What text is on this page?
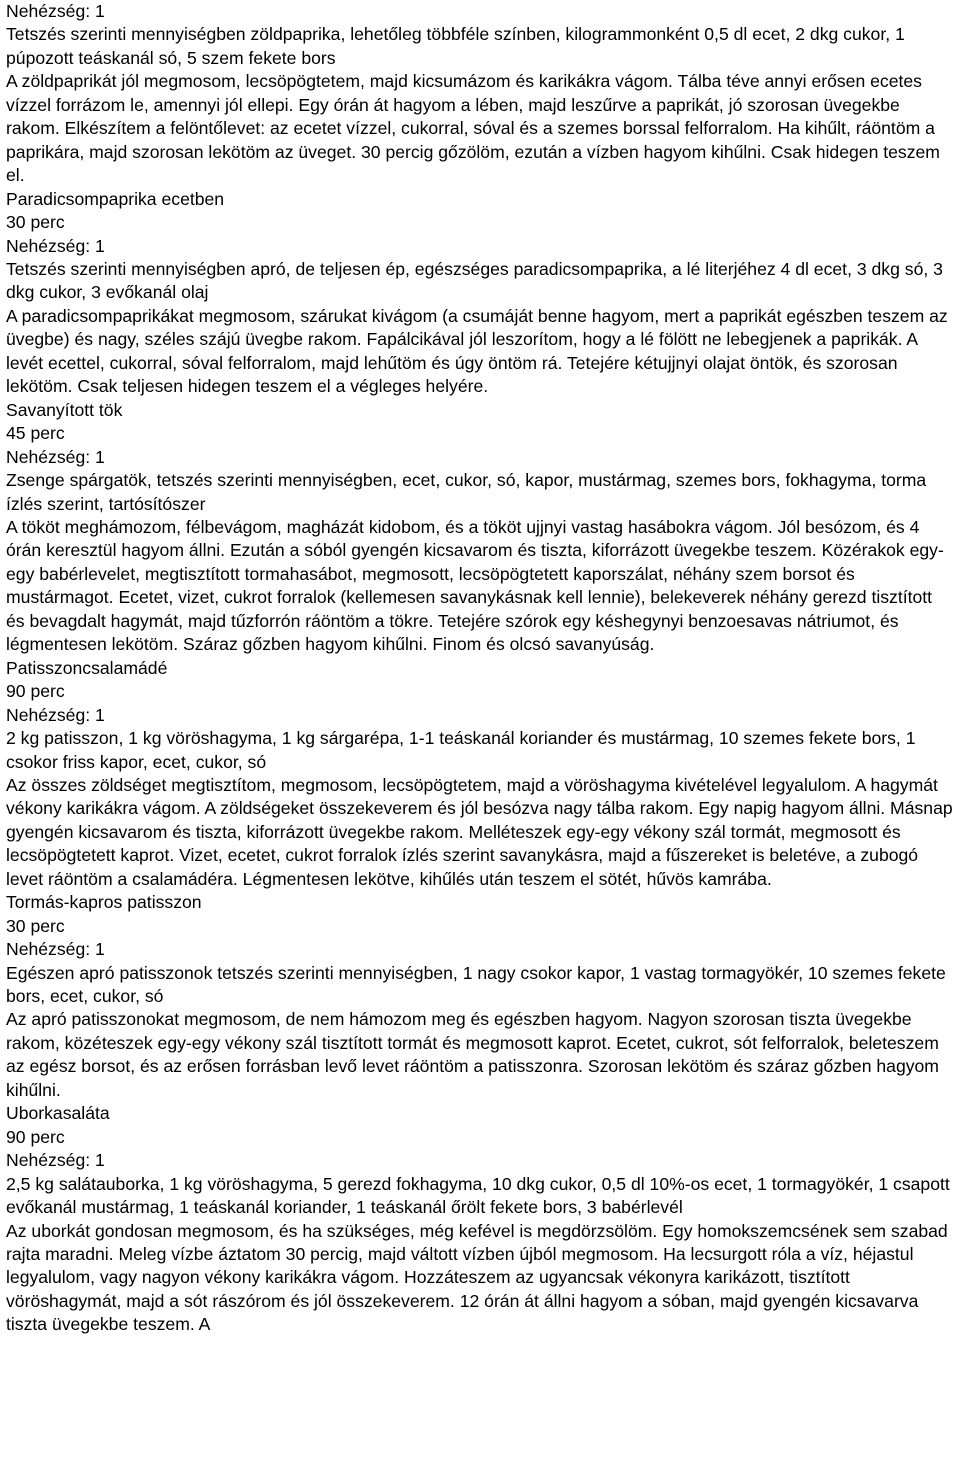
Nehézség: 1
Tetszés szerinti mennyiségben zöldpaprika, lehetőleg többféle színben, kilogrammonként 0,5 dl ecet, 2 dkg cukor, 1 púpozott teáskanál só, 5 szem fekete bors
A zöldpaprikát jól megmosom, lecsöpögtetem, majd kicsumázom és karikákra vágom. Tálba téve annyi erősen ecetes vízzel forrázom le, amennyi jól ellepi. Egy órán át hagyom a lében, majd leszűrve a paprikát, jó szorosan üvegekbe rakom. Elkészítem a felöntőlevet: az ecetet vízzel, cukorral, sóval és a szemes borssal felforralom. Ha kihűlt, ráöntöm a paprikára, majd szorosan lekötöm az üveget. 30 percig gőzölöm, ezután a vízben hagyom kihűlni. Csak hidegen teszem el.
Paradicsompaprika ecetben
30 perc
Nehézség: 1
Tetszés szerinti mennyiségben apró, de teljesen ép, egészséges paradicsompaprika, a lé literjéhez 4 dl ecet, 3 dkg só, 3 dkg cukor, 3 evőkanál olaj
A paradicsompaprikákat megmosom, szárukat kivágom (a csumáját benne hagyom, mert a paprikát egészben teszem az üvegbe) és nagy, széles szájú üvegbe rakom. Fapálcikával jól leszorítom, hogy a lé fölött ne lebegjenek a paprikák. A levét ecettel, cukorral, sóval felforralom, majd lehűtöm és úgy öntöm rá. Tetejére kétujjnyi olajat öntök, és szorosan lekötöm. Csak teljesen hidegen teszem el a végleges helyére.
Savanyított tök
45 perc
Nehézség: 1
Zsenge spárgatök, tetszés szerinti mennyiségben, ecet, cukor, só, kapor, mustármag, szemes bors, fokhagyma, torma ízlés szerint, tartósítószer
A tököt meghámozom, félbevágom, magházát kidobom, és a tököt ujjnyi vastag hasábokra vágom. Jól besózom, és 4 órán keresztül hagyom állni. Ezután a sóból gyengén kicsavarom és tiszta, kiforrázott üvegekbe teszem. Közérakok egy-egy babérlevelet, megtisztított tormahasábot, megmosott, lecsöpögtetett kaporszálat, néhány szem borsot és mustármagot. Ecetet, vizet, cukrot forralok (kellemesen savanykásnak kell lennie), belekeverek néhány gerezd tisztított és bevagdalt hagymát, majd tűzforrón ráöntöm a tökre. Tetejére szórok egy késhegynyi benzoesavas nátriumot, és légmentesen lekötöm. Száraz gőzben hagyom kihűlni. Finom és olcsó savanyúság.
Patisszoncsalamádé
90 perc
Nehézség: 1
2 kg patisszon, 1 kg vöröshagyma, 1 kg sárgarépa, 1-1 teáskanál koriander és mustármag, 10 szemes fekete bors, 1 csokor friss kapor, ecet, cukor, só
Az összes zöldséget megtisztítom, megmosom, lecsöpögtetem, majd a vöröshagyma kivételével legyalulom. A hagymát vékony karikákra vágom. A zöldségeket összekeverem és jól besózva nagy tálba rakom. Egy napig hagyom állni. Másnap gyengén kicsavarom és tiszta, kiforrázott üvegekbe rakom. Melléteszek egy-egy vékony szál tormát, megmosott és lecsöpögtetett kaprot. Vizet, ecetet, cukrot forralok ízlés szerint savanykásra, majd a fűszereket is beletéve, a zubogó levet ráöntöm a csalamádéra. Légmentesen lekötve, kihűlés után teszem el sötét, hűvös kamrába.
Tormás-kapros patisszon
30 perc
Nehézség: 1
Egészen apró patisszonok tetszés szerinti mennyiségben, 1 nagy csokor kapor, 1 vastag tormagyökér, 10 szemes fekete bors, ecet, cukor, só
Az apró patisszonokat megmosom, de nem hámozom meg és egészben hagyom. Nagyon szorosan tiszta üvegekbe rakom, közéteszek egy-egy vékony szál tisztított tormát és megmosott kaprot. Ecetet, cukrot, sót felforralok, beleteszem az egész borsot, és az erősen forrásban levő levet ráöntöm a patisszonra. Szorosan lekötöm és száraz gőzben hagyom kihűlni.
Uborkasaláta
90 perc
Nehézség: 1
2,5 kg salátauborka, 1 kg vöröshagyma, 5 gerezd fokhagyma, 10 dkg cukor, 0,5 dl 10%-os ecet, 1 tormagyökér, 1 csapott evőkanál mustármag, 1 teáskanál koriander, 1 teáskanál őrölt fekete bors, 3 babérlevél
Az uborkát gondosan megmosom, és ha szükséges, még kefével is megdörzsölöm. Egy homokszemcsének sem szabad rajta maradni. Meleg vízbe áztatom 30 percig, majd váltott vízben újból megmosom. Ha lecsurgott róla a víz, héjastul legyalulom, vagy nagyon vékony karikákra vágom. Hozzáteszem az ugyancsak vékonyra karikázott, tisztított vöröshagymát, majd a sót rászórom és jól összekeverem. 12 órán át állni hagyom a sóban, majd gyengén kicsavarva tiszta üvegekbe teszem. A
